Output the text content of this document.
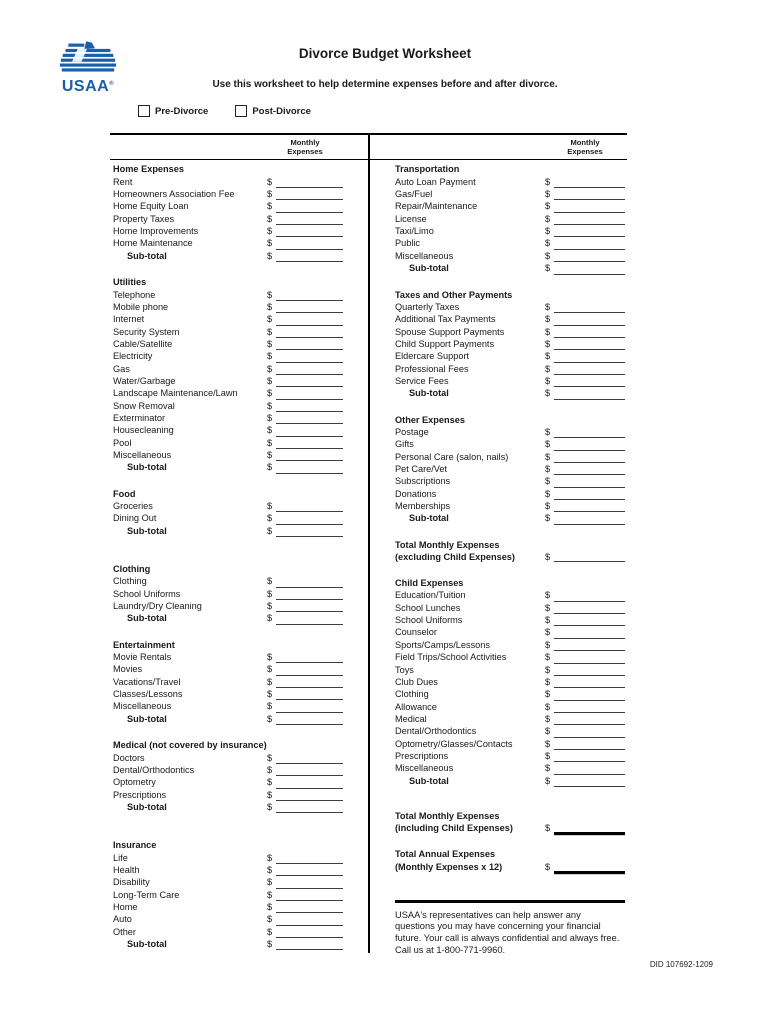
USAA®
Divorce Budget Worksheet
Use this worksheet to help determine expenses before and after divorce.
Pre-Divorce	Post-Divorce
Monthly
Expenses
Home Expenses
Rent	$
Homeowners Association Fee	$
Home Equity Loan	$
Property Taxes	$
Home Improvements	$
Home Maintenance	$
Sub-total	$
Utilities
Telephone	$
Mobile phone	$
Internet	$
Security System	$
Cable/Satellite	$
Electricity	$
Gas	$
Water/Garbage	$
Landscape Maintenance/Lawn	$
Snow Removal	$
Exterminator	$
Housecleaning	$
Pool	$
Miscellaneous	$
Sub-total	$
Food
Groceries	$
Dining Out	$
Sub-total	$
Clothing
Clothing	$
School Uniforms	$
Laundry/Dry Cleaning	$
Sub-total	$
Entertainment
Movie Rentals	$
Movies	$
Vacations/Travel	$
Classes/Lessons	$
Miscellaneous	$
Sub-total	$
Medical (not covered by insurance)
Doctors	$
Dental/Orthodontics	$
Optometry	$
Prescriptions	$
Sub-total	$
Insurance
Life	$
Health	$
Disability	$
Long-Term Care	$
Home	$
Auto	$
Other	$
Sub-total	$
Monthly
Expenses
Transportation
Auto Loan Payment	$
Gas/Fuel	$
Repair/Maintenance	$
License	$
Taxi/Limo	$
Public	$
Miscellaneous	$
Sub-total	$
Taxes and Other Payments
Quarterly Taxes	$
Additional Tax Payments	$
Spouse Support Payments	$
Child Support Payments	$
Eldercare Support	$
Professional Fees	$
Service Fees	$
Sub-total	$
Other Expenses
Postage	$
Gifts	$
Personal Care (salon, nails)	$
Pet Care/Vet	$
Subscriptions	$
Donations	$
Memberships	$
Sub-total	$
Total Monthly Expenses
(excluding Child Expenses)	$
Child Expenses
Education/Tuition	$
School Lunches	$
School Uniforms	$
Counselor	$
Sports/Camps/Lessons	$
Field Trips/School Activities	$
Toys	$
Club Dues	$
Clothing	$
Allowance	$
Medical	$
Dental/Orthodontics	$
Optometry/Glasses/Contacts	$
Prescriptions	$
Miscellaneous	$
Sub-total	$
Total Monthly Expenses
(including Child Expenses)	$
Total Annual Expenses
(Monthly Expenses x 12)	$
USAA's representatives can help answer any questions you may have concerning your financial future. Your call is always confidential and always free. Call us at 1-800-771-9960.
DID 107692-1209
